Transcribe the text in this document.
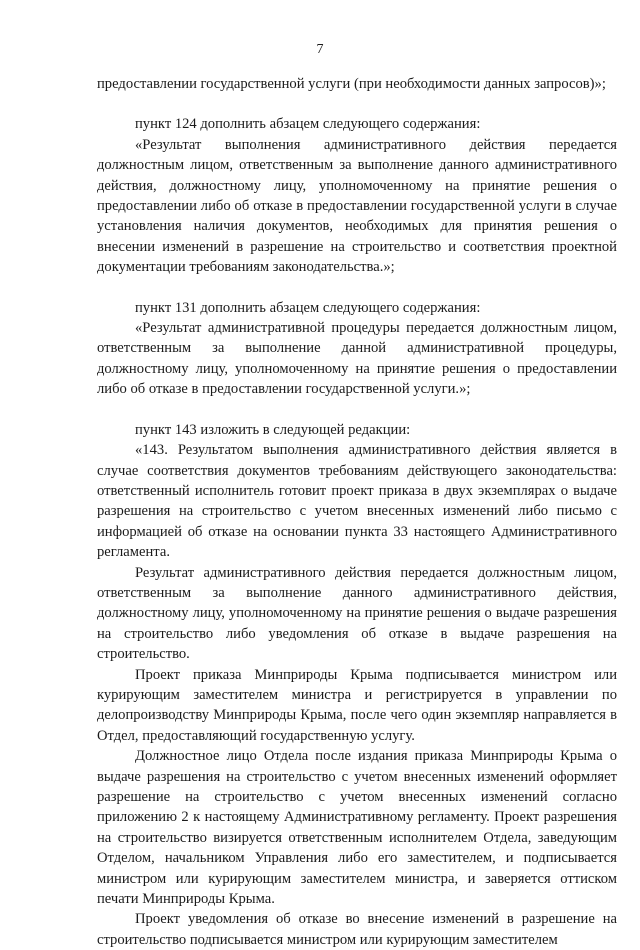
7

предоставлении государственной услуги (при необходимости данных запросов)»;

пункт 124 дополнить абзацем следующего содержания:

«Результат выполнения административного действия передается должностным лицом, ответственным за выполнение данного административного действия, должностному лицу, уполномоченному на принятие решения о предоставлении либо об отказе в предоставлении государственной услуги в случае установления наличия документов, необходимых для принятия решения о внесении изменений в разрешение на строительство и соответствия проектной документации требованиям законодательства.»;

пункт 131 дополнить абзацем следующего содержания:

«Результат административной процедуры передается должностным лицом, ответственным за выполнение данной административной процедуры, должностному лицу, уполномоченному на принятие решения о предоставлении либо об отказе в предоставлении государственной услуги.»;

пункт 143 изложить в следующей редакции:

«143. Результатом выполнения административного действия является в случае соответствия документов требованиям действующего законодательства: ответственный исполнитель готовит проект приказа в двух экземплярах о выдаче разрешения на строительство с учетом внесенных изменений либо письмо с информацией об отказе на основании пункта 33 настоящего Административного регламента.

Результат административного действия передается должностным лицом, ответственным за выполнение данного административного действия, должностному лицу, уполномоченному на принятие решения о выдаче разрешения на строительство либо уведомления об отказе в выдаче разрешения на строительство.

Проект приказа Минприроды Крыма подписывается министром или курирующим заместителем министра и регистрируется в управлении по делопроизводству Минприроды Крыма, после чего один экземпляр направляется в Отдел, предоставляющий государственную услугу.

Должностное лицо Отдела после издания приказа Минприроды Крыма о выдаче разрешения на строительство с учетом внесенных изменений оформляет разрешение на строительство с учетом внесенных изменений согласно приложению 2 к настоящему Административному регламенту. Проект разрешения на строительство визируется ответственным исполнителем Отдела, заведующим Отделом, начальником Управления либо его заместителем, и подписывается министром или курирующим заместителем министра, и заверяется оттиском печати Минприроды Крыма.

Проект уведомления об отказе во внесение изменений в разрешение на строительство подписывается министром или курирующим заместителем
